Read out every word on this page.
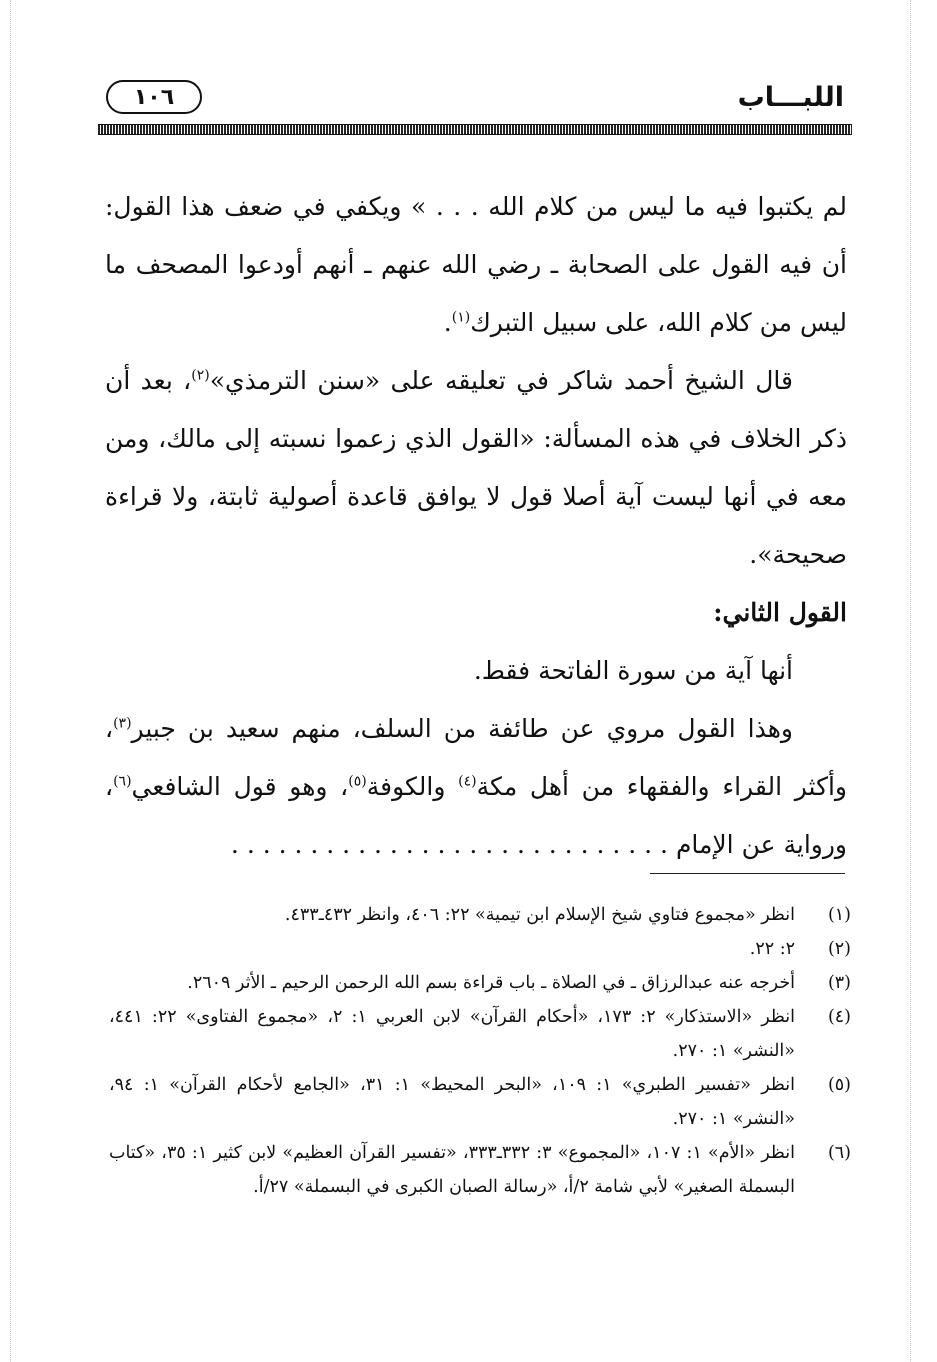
اللبـــاب
١٠٦

لم يكتبوا فيه ما ليس من كلام الله . . . » ويكفي في ضعف هذا القول: أن فيه القول على الصحابة ـ رضي الله عنهم ـ أنهم أودعوا المصحف ما ليس من كلام الله، على سبيل التبرك$^{(١)}$.

قال الشيخ أحمد شاكر في تعليقه على «سنن الترمذي»$^{(٢)}$، بعد أن ذكر الخلاف في هذه المسألة: «القول الذي زعموا نسبته إلى مالك، ومن معه في أنها ليست آية أصلا قول لا يوافق قاعدة أصولية ثابتة، ولا قراءة صحيحة».

القول الثاني:

أنها آية من سورة الفاتحة فقط.

وهذا القول مروي عن طائفة من السلف، منهم سعيد بن جبير$^{(٣)}$، وأكثر القراء والفقهاء من أهل مكة$^{(٤)}$ والكوفة$^{(٥)}$، وهو قول الشافعي$^{(٦)}$، ورواية عن الإمام . . . . . . . . . . . . . . . . . . . . . . . . . . . .

(١)
انظر «مجموع فتاوي شيخ الإسلام ابن تيمية» ٢٢: ٤٠٦، وانظر ٤٣٢ـ٤٣٣.
(٢)
٢: ٢٢.
(٣)
أخرجه عنه عبدالرزاق ـ في الصلاة ـ باب قراءة بسم الله الرحمن الرحيم ـ الأثر ٢٦٠٩.
(٤)
انظر «الاستذكار» ٢: ١٧٣، «أحكام القرآن» لابن العربي ١: ٢، «مجموع الفتاوى» ٢٢: ٤٤١، «النشر» ١: ٢٧٠.
(٥)
انظر «تفسير الطبري» ١: ١٠٩، «البحر المحيط» ١: ٣١، «الجامع لأحكام القرآن» ١: ٩٤، «النشر» ١: ٢٧٠.
(٦)
انظر «الأم» ١: ١٠٧، «المجموع» ٣: ٣٣٢ـ٣٣٣، «تفسير القرآن العظيم» لابن كثير ١: ٣٥، «كتاب البسملة الصغير» لأبي شامة ٢/أ، «رسالة الصبان الكبرى في البسملة» ٢٧/أ.
